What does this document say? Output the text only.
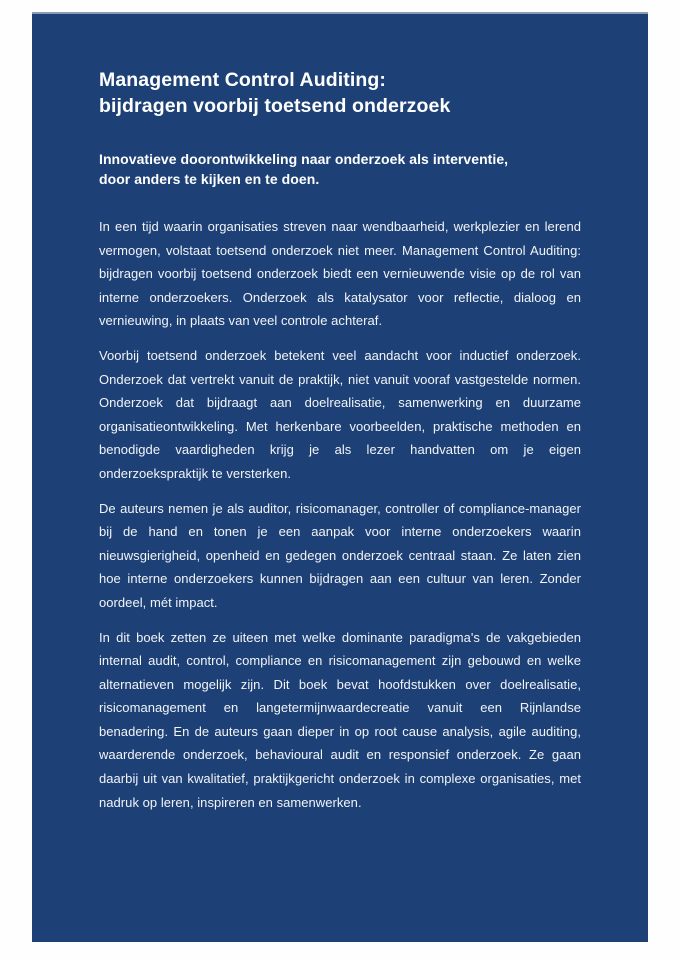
Management Control Auditing:
bijdragen voorbij toetsend onderzoek
Innovatieve doorontwikkeling naar onderzoek als interventie,
door anders te kijken en te doen.

In een tijd waarin organisaties streven naar wendbaarheid, werkplezier en lerend vermogen, volstaat toetsend onderzoek niet meer. Management Control Auditing: bijdragen voorbij toetsend onderzoek biedt een vernieuwende visie op de rol van interne onderzoekers. Onderzoek als katalysator voor reflectie, dialoog en vernieuwing, in plaats van veel controle achteraf.

Voorbij toetsend onderzoek betekent veel aandacht voor inductief onderzoek. Onderzoek dat vertrekt vanuit de praktijk, niet vanuit vooraf vastgestelde normen. Onderzoek dat bijdraagt aan doelrealisatie, samenwerking en duurzame organisatieontwikkeling. Met herkenbare voorbeelden, praktische methoden en benodigde vaardigheden krijg je als lezer handvatten om je eigen onderzoekspraktijk te versterken.

De auteurs nemen je als auditor, risicomanager, controller of compliance-manager bij de hand en tonen je een aanpak voor interne onderzoekers waarin nieuwsgierigheid, openheid en gedegen onderzoek centraal staan. Ze laten zien hoe interne onderzoekers kunnen bijdragen aan een cultuur van leren. Zonder oordeel, mét impact.

In dit boek zetten ze uiteen met welke dominante paradigma's de vakgebieden internal audit, control, compliance en risicomanagement zijn gebouwd en welke alternatieven mogelijk zijn. Dit boek bevat hoofdstukken over doelrealisatie, risicomanagement en langetermijnwaardecreatie vanuit een Rijnlandse benadering. En de auteurs gaan dieper in op root cause analysis, agile auditing, waarderende onderzoek, behavioural audit en responsief onderzoek. Ze gaan daarbij uit van kwalitatief, praktijkgericht onderzoek in complexe organisaties, met nadruk op leren, inspireren en samenwerken.
